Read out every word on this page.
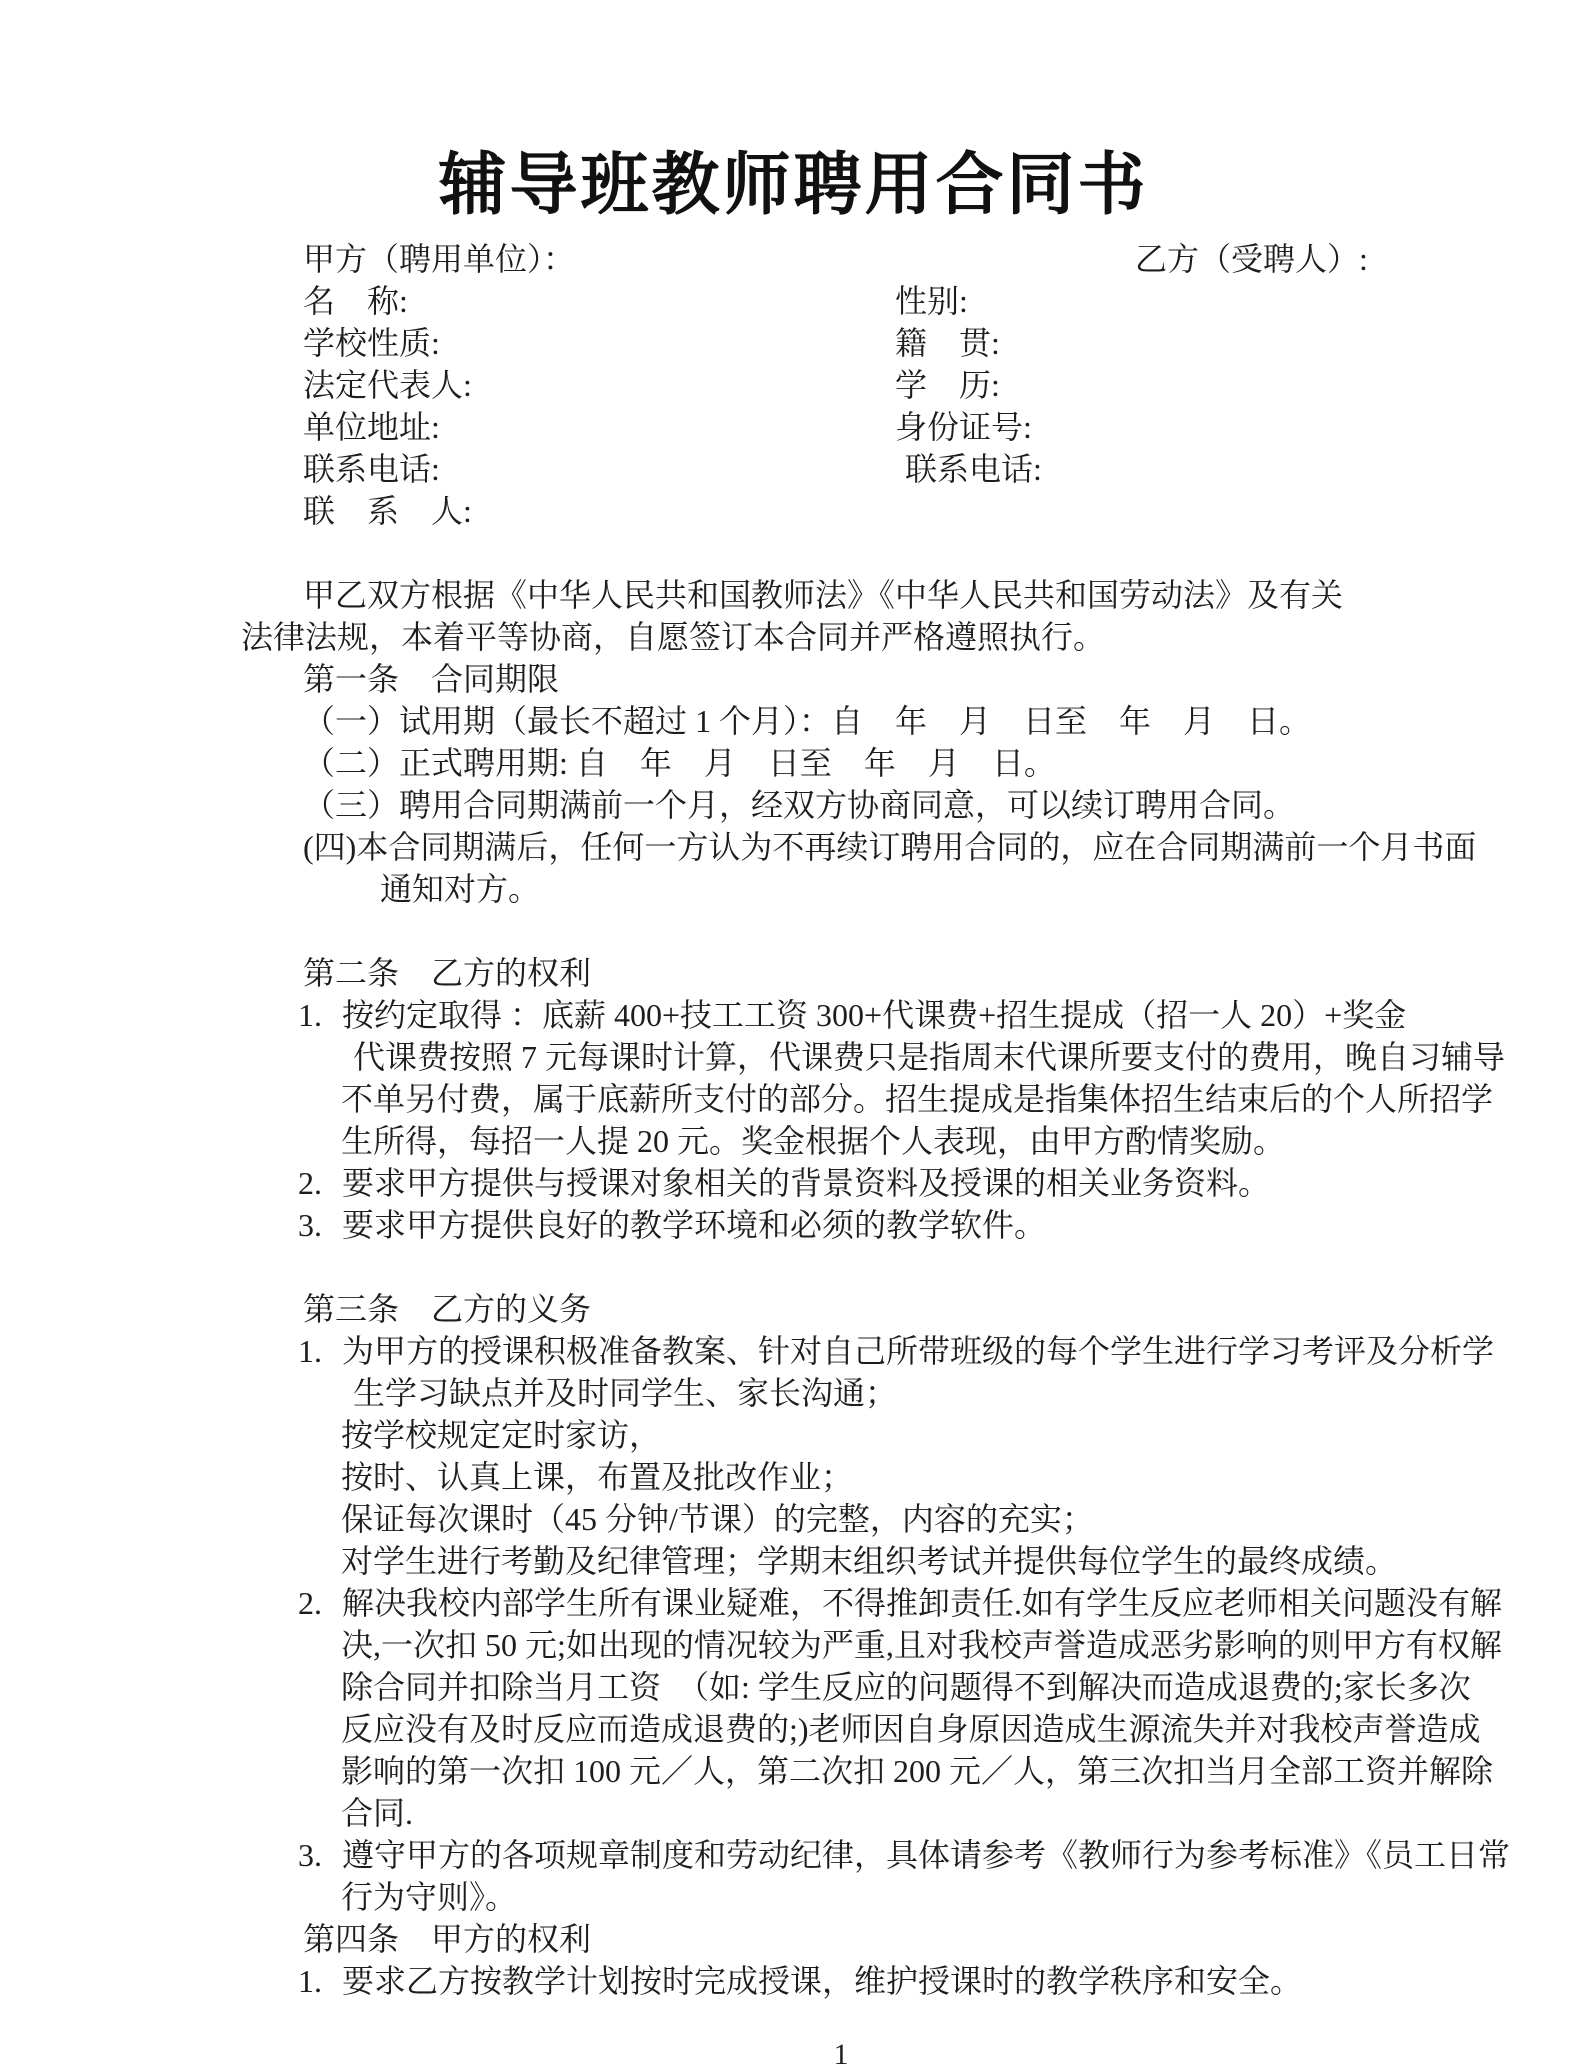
辅导班教师聘用合同书
甲方（聘用单位）：	乙方（受聘人）:
名　称:	性别:
学校性质:	籍　贯:
法定代表人:	学　历:
单位地址:	身份证号:
联系电话:	联系电话:
联　系　人:
甲乙双方根据《中华人民共和国教师法》《中华人民共和国劳动法》及有关
法律法规，本着平等协商，自愿签订本合同并严格遵照执行。
第一条　合同期限
（一）试用期（最长不超过 1 个月）：自　年　月　日至　年　月　日。
（二）正式聘用期: 自　年　月　日至　年　月　日。
（三）聘用合同期满前一个月，经双方协商同意，可以续订聘用合同。
(四)本合同期满后，任何一方认为不再续订聘用合同的，应在合同期满前一个月书面
通知对方。
第二条　乙方的权利
1. 按约定取得 ：底薪 400+技工工资 300+代课费+招生提成（招一人 20）+奖金
代课费按照 7 元每课时计算，代课费只是指周末代课所要支付的费用，晚自习辅导
不单另付费，属于底薪所支付的部分。招生提成是指集体招生结束后的个人所招学
生所得，每招一人提 20 元。奖金根据个人表现，由甲方酌情奖励。
2. 要求甲方提供与授课对象相关的背景资料及授课的相关业务资料。
3. 要求甲方提供良好的教学环境和必须的教学软件。
第三条　乙方的义务
1. 为甲方的授课积极准备教案、针对自己所带班级的每个学生进行学习考评及分析学
生学习缺点并及时同学生、家长沟通；
按学校规定定时家访，
按时、认真上课，布置及批改作业；
保证每次课时（45 分钟/节课）的完整，内容的充实；
对学生进行考勤及纪律管理；学期末组织考试并提供每位学生的最终成绩。
2. 解决我校内部学生所有课业疑难，不得推卸责任.如有学生反应老师相关问题没有解
决,一次扣 50 元;如出现的情况较为严重,且对我校声誉造成恶劣影响的则甲方有权解
除合同并扣除当月工资　（如: 学生反应的问题得不到解决而造成退费的;家长多次
反应没有及时反应而造成退费的;)老师因自身原因造成生源流失并对我校声誉造成
影响的第一次扣 100 元／人，第二次扣 200 元／人，第三次扣当月全部工资并解除
合同.
3. 遵守甲方的各项规章制度和劳动纪律，具体请参考《教师行为参考标准》《员工日常
行为守则》。
第四条　甲方的权利
1. 要求乙方按教学计划按时完成授课，维护授课时的教学秩序和安全。
1
